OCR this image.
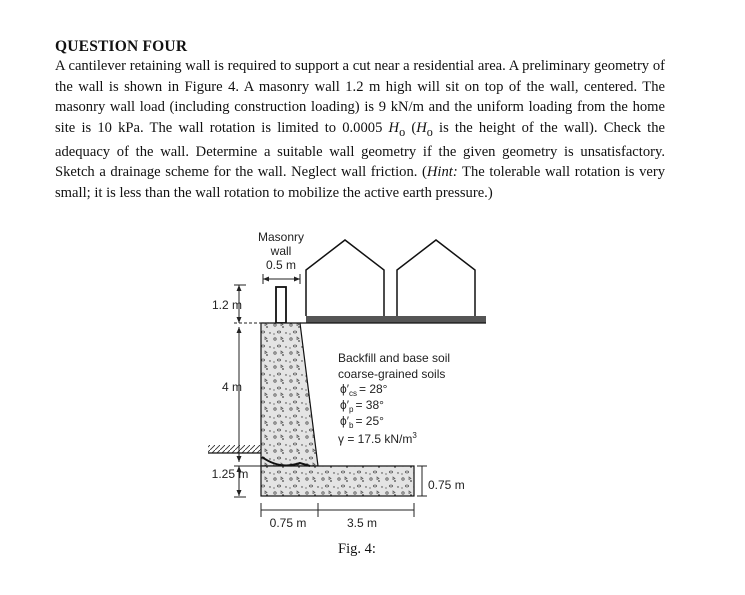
QUESTION FOUR
A cantilever retaining wall is required to support a cut near a residential area. A preliminary geometry of the wall is shown in Figure 4. A masonry wall 1.2 m high will sit on top of the wall, centered. The masonry wall load (including construction loading) is 9 kN/m and the uniform loading from the home site is 10 kPa. The wall rotation is limited to 0.0005 $H_o$ ($H_o$ is the height of the wall). Check the adequacy of the wall. Determine a suitable wall geometry if the given geometry is unsatisfactory. Sketch a drainage scheme for the wall. Neglect wall friction. (Hint: The tolerable wall rotation is very small; it is less than the wall rotation to mobilize the active earth pressure.)
Masonry
wall
0.5 m
1.2 m
4 m
1.25 m
0.75 m	3.5 m
0.75 m
Backfill and base soil
coarse-grained soils
$\phi'_{cs} = 28^\circ$
$\phi'_p = 38^\circ$
$\phi'_b = 25^\circ$
γ = 17.5 $kN/m^3$
Fig. 4:
